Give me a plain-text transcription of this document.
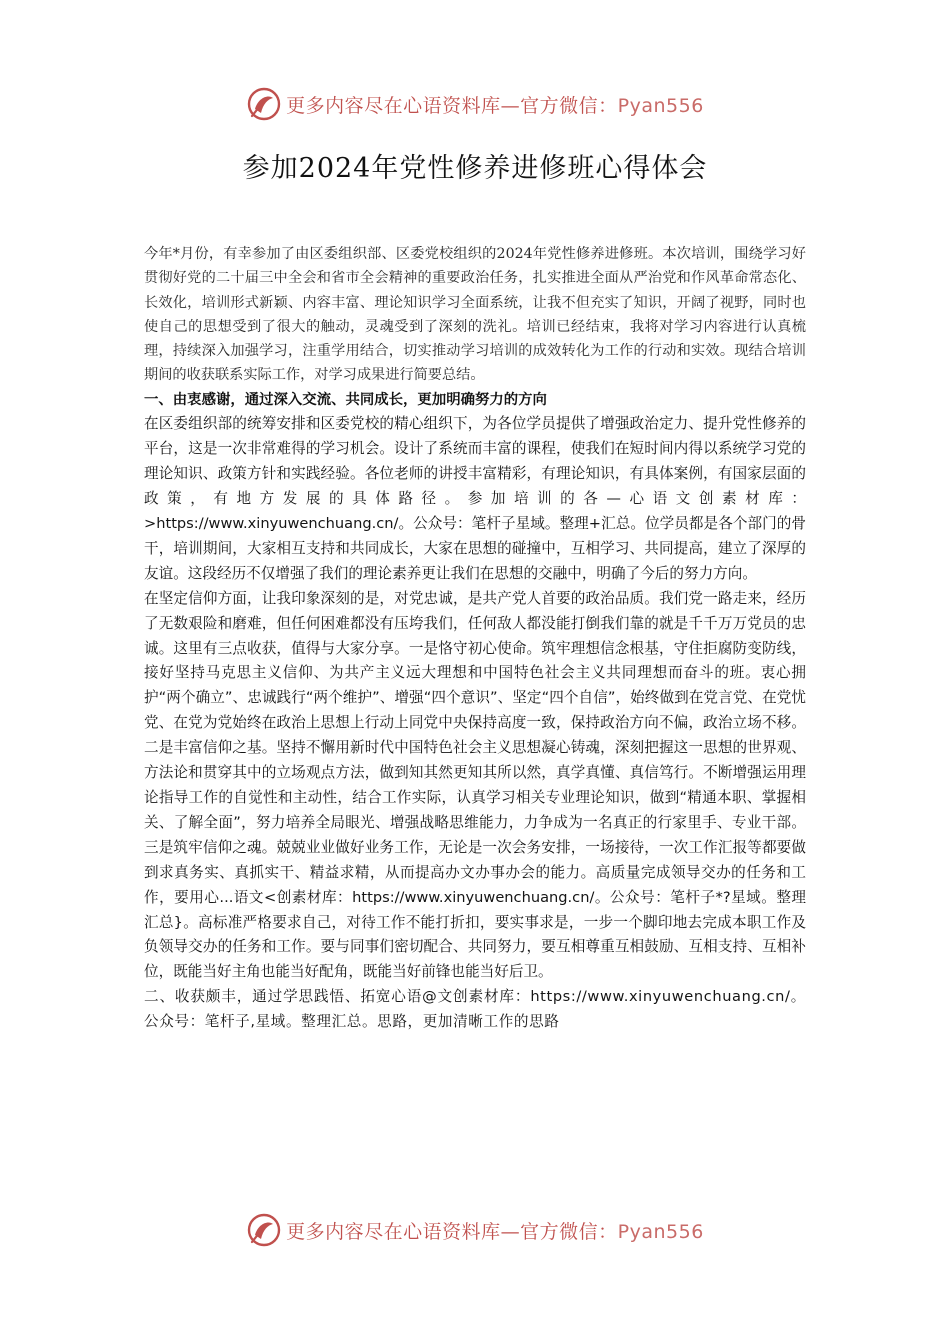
更多内容尽在心语资料库—官方微信：Pyan556
参加2024年党性修养进修班心得体会

今年*月份，有幸参加了由区委组织部、区委党校组织的2024年党性修养进修班。本次培训，围绕学习好贯彻好党的二十届三中全会和省市全会精神的重要政治任务，扎实推进全面从严治党和作风革命常态化、长效化，培训形式新颖、内容丰富、理论知识学习全面系统，让我不但充实了知识，开阔了视野，同时也使自己的思想受到了很大的触动，灵魂受到了深刻的洗礼。培训已经结束，我将对学习内容进行认真梳理，持续深入加强学习，注重学用结合，切实推动学习培训的成效转化为工作的行动和实效。现结合培训期间的收获联系实际工作，对学习成果进行简要总结。

一、由衷感谢，通过深入交流、共同成长，更加明确努力的方向

在区委组织部的统筹安排和区委党校的精心组织下，为各位学员提供了增强政治定力、提升党性修养的平台，这是一次非常难得的学习机会。设计了系统而丰富的课程，使我们在短时间内得以系统学习党的理论知识、政策方针和实践经验。各位老师的讲授丰富精彩，有理论知识，有具体案例，有国家层面的政策，有地方发展的具体路径。参加培训的各—心语文创素材库：>https://www.xinyuwenchuang.cn/。公众号：笔杆子星域。整理+汇总。位学员都是各个部门的骨干，培训期间，大家相互支持和共同成长，大家在思想的碰撞中，互相学习、共同提高，建立了深厚的友谊。这段经历不仅增强了我们的理论素养更让我们在思想的交融中，明确了今后的努力方向。

在坚定信仰方面，让我印象深刻的是，对党忠诚，是共产党人首要的政治品质。我们党一路走来，经历了无数艰险和磨难，但任何困难都没有压垮我们，任何敌人都没能打倒我们靠的就是千千万万党员的忠诚。这里有三点收获，值得与大家分享。一是恪守初心使命。筑牢理想信念根基，守住拒腐防变防线，接好坚持马克思主义信仰、为共产主义远大理想和中国特色社会主义共同理想而奋斗的班。衷心拥护“两个确立”、忠诚践行“两个维护”、增强“四个意识”、坚定“四个自信”，始终做到在党言党、在党忧党、在党为党始终在政治上思想上行动上同党中央保持高度一致，保持政治方向不偏，政治立场不移。二是丰富信仰之基。坚持不懈用新时代中国特色社会主义思想凝心铸魂，深刻把握这一思想的世界观、方法论和贯穿其中的立场观点方法，做到知其然更知其所以然，真学真懂、真信笃行。不断增强运用理论指导工作的自觉性和主动性，结合工作实际，认真学习相关专业理论知识，做到“精通本职、掌握相关、了解全面”，努力培养全局眼光、增强战略思维能力，力争成为一名真正的行家里手、专业干部。三是筑牢信仰之魂。兢兢业业做好业务工作，无论是一次会务安排，一场接待，一次工作汇报等都要做到求真务实、真抓实干、精益求精，从而提高办文办事办会的能力。高质量完成领导交办的任务和工作，要用心...语文<创素材库：https://www.xinyuwenchuang.cn/。公众号：笔杆子*?星域。整理汇总}。高标准严格要求自己，对待工作不能打折扣，要实事求是，一步一个脚印地去完成本职工作及负领导交办的任务和工作。要与同事们密切配合、共同努力，要互相尊重互相鼓励、互相支持、互相补位，既能当好主角也能当好配角，既能当好前锋也能当好后卫。

二、收获颇丰，通过学思践悟、拓宽心语@文创素材库：https://www.xinyuwenchuang.cn/。公众号：笔杆子,星域。整理汇总。思路，更加清晰工作的思路

更多内容尽在心语资料库—官方微信：Pyan556
